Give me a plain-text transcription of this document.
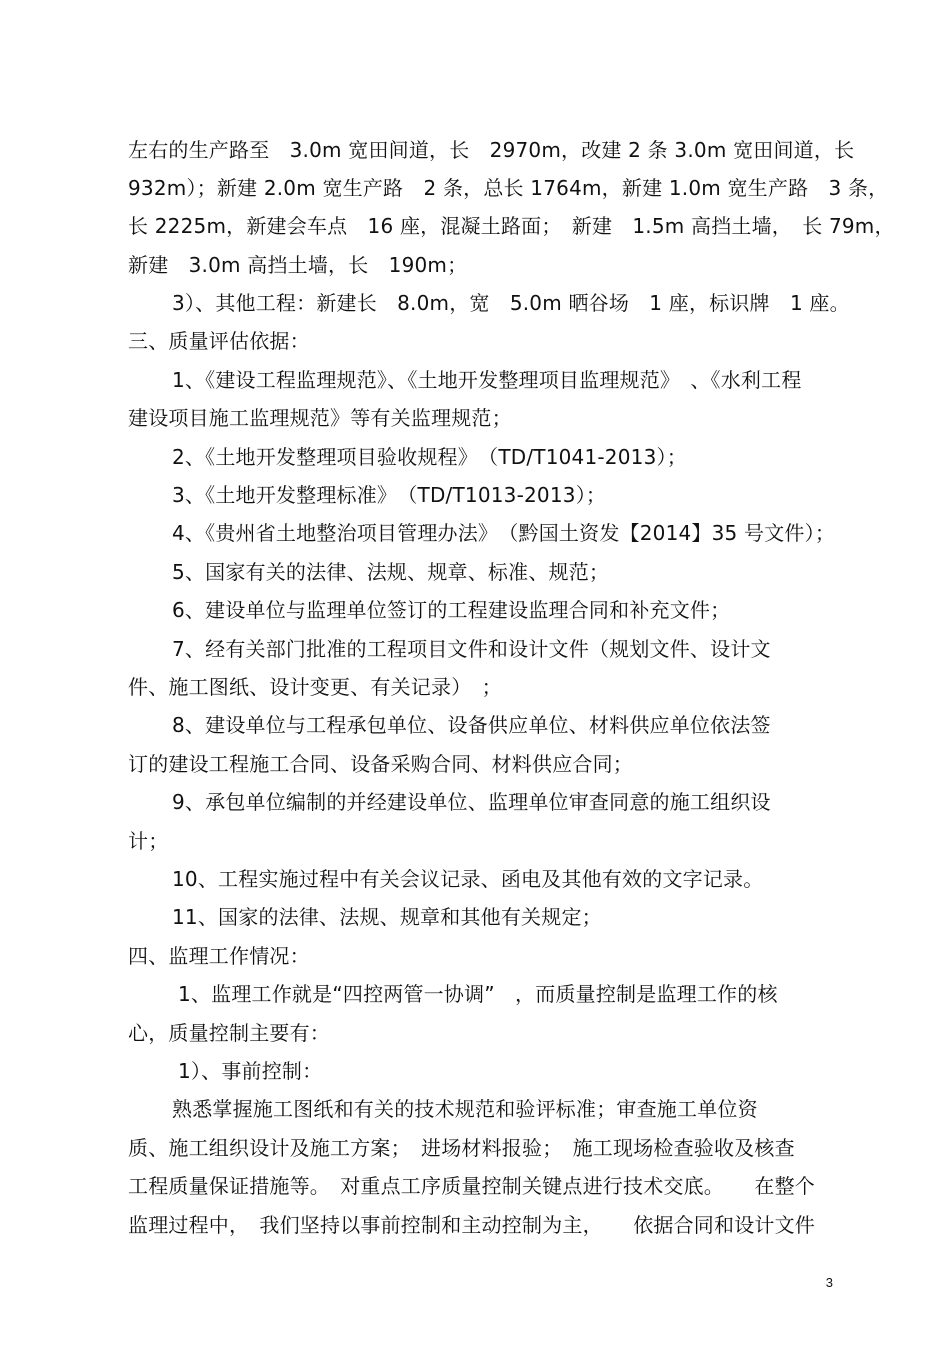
左右的生产路至　3.0m 宽田间道，长　2970m，改建 2 条 3.0m 宽田间道，长
932m）；新建 2.0m 宽生产路　2 条，总长 1764m，新建 1.0m 宽生产路　3 条，
长 2225m，新建会车点　16 座，混凝土路面；　新建　1.5m 高挡土墙，　长 79m，
新建　3.0m 高挡土墙，长　190m；
3）、其他工程：新建长　8.0m，宽　5.0m 晒谷场　1 座，标识牌　1 座。
三、质量评估依据：
1、《建设工程监理规范》、《土地开发整理项目监理规范》　、《水利工程
建设项目施工监理规范》等有关监理规范；
2、《土地开发整理项目验收规程》　（TD/T1041-2013）；
3、《土地开发整理标准》　（TD/T1013-2013）；
4、《贵州省土地整治项目管理办法》　（黔国土资发【2014】35 号文件）；
5、国家有关的法律、法规、规章、标准、规范；
6、建设单位与监理单位签订的工程建设监理合同和补充文件；
7、经有关部门批准的工程项目文件和设计文件（规划文件、设计文
件、施工图纸、设计变更、有关记录）　；
8、建设单位与工程承包单位、设备供应单位、材料供应单位依法签
订的建设工程施工合同、设备采购合同、材料供应合同；
9、承包单位编制的并经建设单位、监理单位审查同意的施工组织设
计；
10、工程实施过程中有关会议记录、函电及其他有效的文字记录。
11、国家的法律、法规、规章和其他有关规定；
四、监理工作情况：
1、监理工作就是“四控两管一协调”　，而质量控制是监理工作的核
心，质量控制主要有：
1）、事前控制：
熟悉掌握施工图纸和有关的技术规范和验评标准；审查施工单位资
质、施工组织设计及施工方案；　进场材料报验；　施工现场检查验收及核查
工程质量保证措施等。　对重点工序质量控制关键点进行技术交底。　　在整个
监理过程中，　我们坚持以事前控制和主动控制为主，　　依据合同和设计文件
3
